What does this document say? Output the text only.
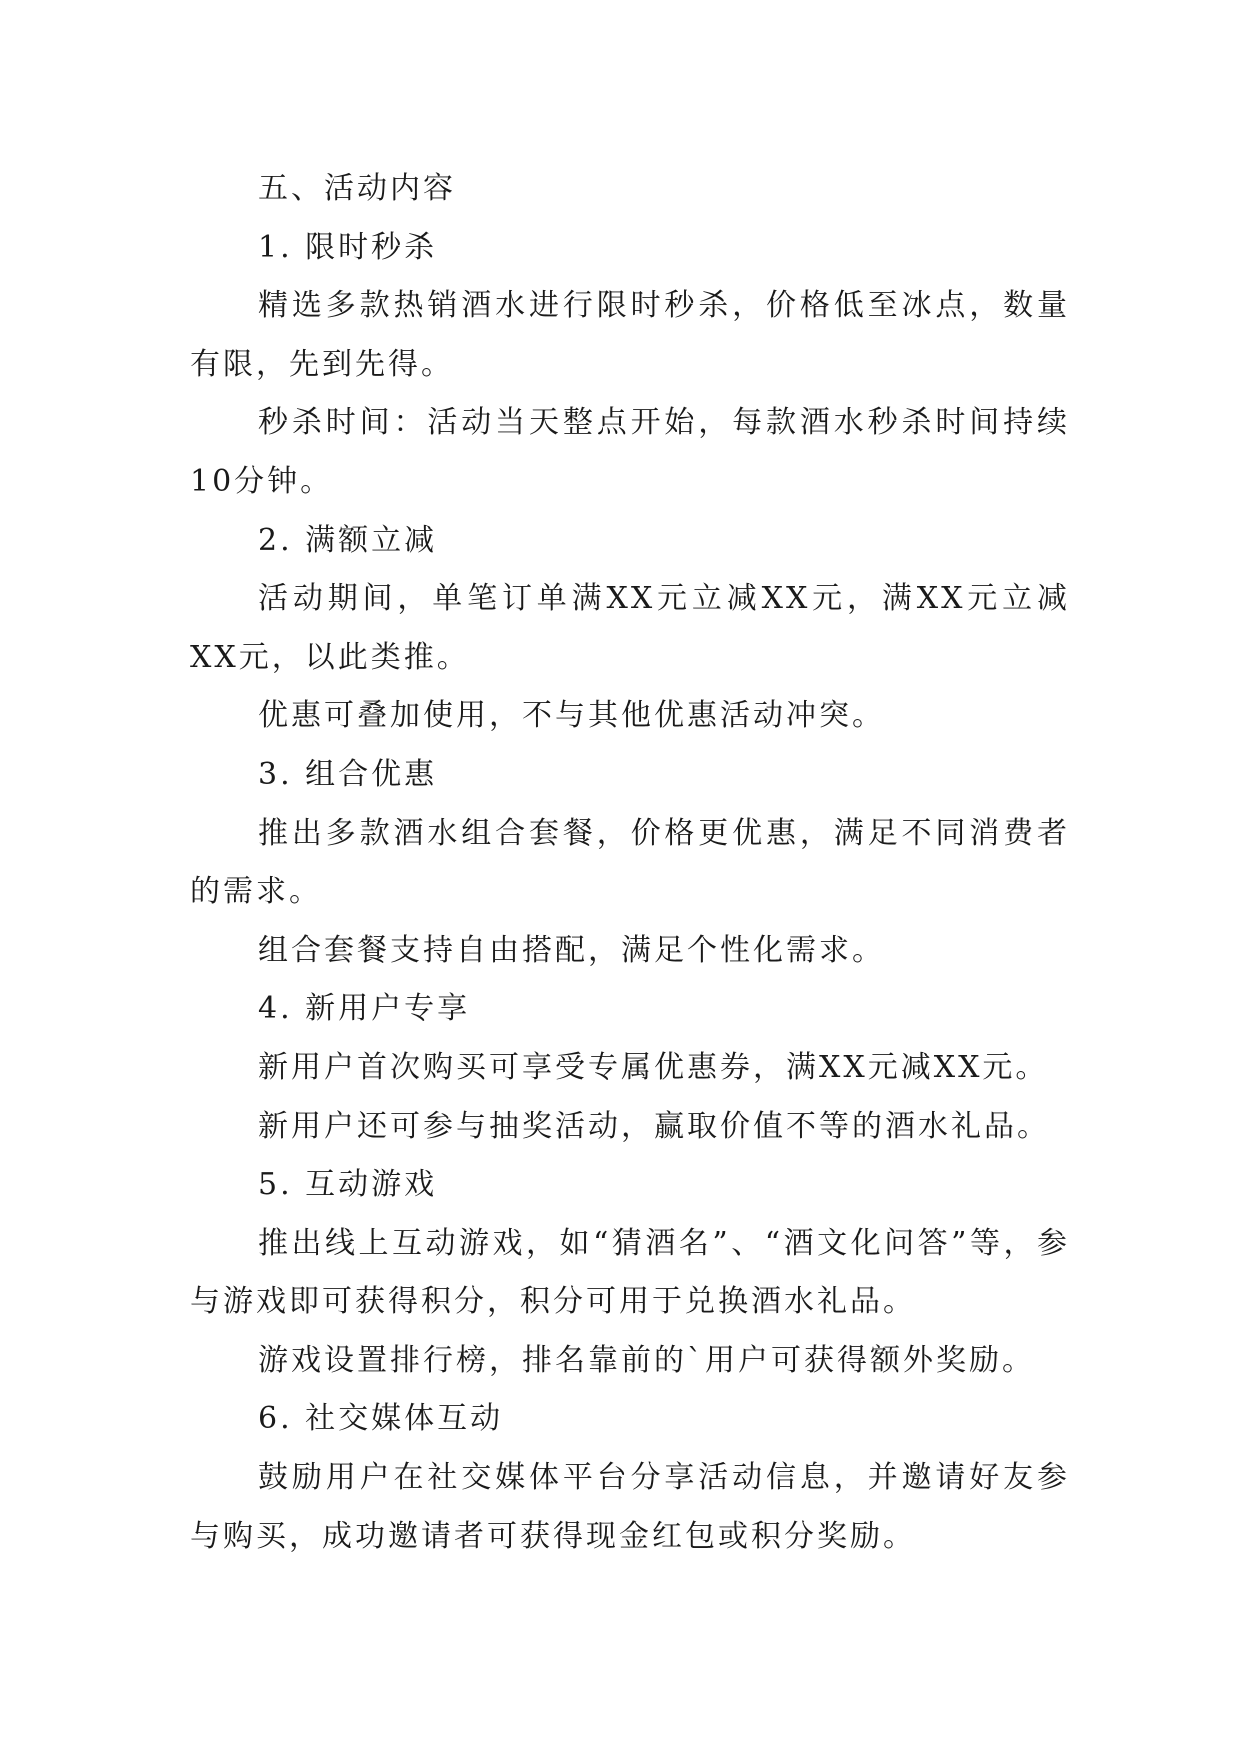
五、活动内容

1. 限时秒杀

精选多款热销酒水进行限时秒杀，价格低至冰点，数量有限，先到先得。

秒杀时间：活动当天整点开始，每款酒水秒杀时间持续10分钟。

2. 满额立减

活动期间，单笔订单满XX元立减XX元，满XX元立减XX元，以此类推。

优惠可叠加使用，不与其他优惠活动冲突。

3. 组合优惠

推出多款酒水组合套餐，价格更优惠，满足不同消费者的需求。

组合套餐支持自由搭配，满足个性化需求。

4. 新用户专享

新用户首次购买可享受专属优惠券，满XX元减XX元。

新用户还可参与抽奖活动，赢取价值不等的酒水礼品。

5. 互动游戏

推出线上互动游戏，如“猜酒名”、“酒文化问答”等，参与游戏即可获得积分，积分可用于兑换酒水礼品。

游戏设置排行榜，排名靠前的`用户可获得额外奖励。

6. 社交媒体互动

鼓励用户在社交媒体平台分享活动信息，并邀请好友参与购买，成功邀请者可获得现金红包或积分奖励。
